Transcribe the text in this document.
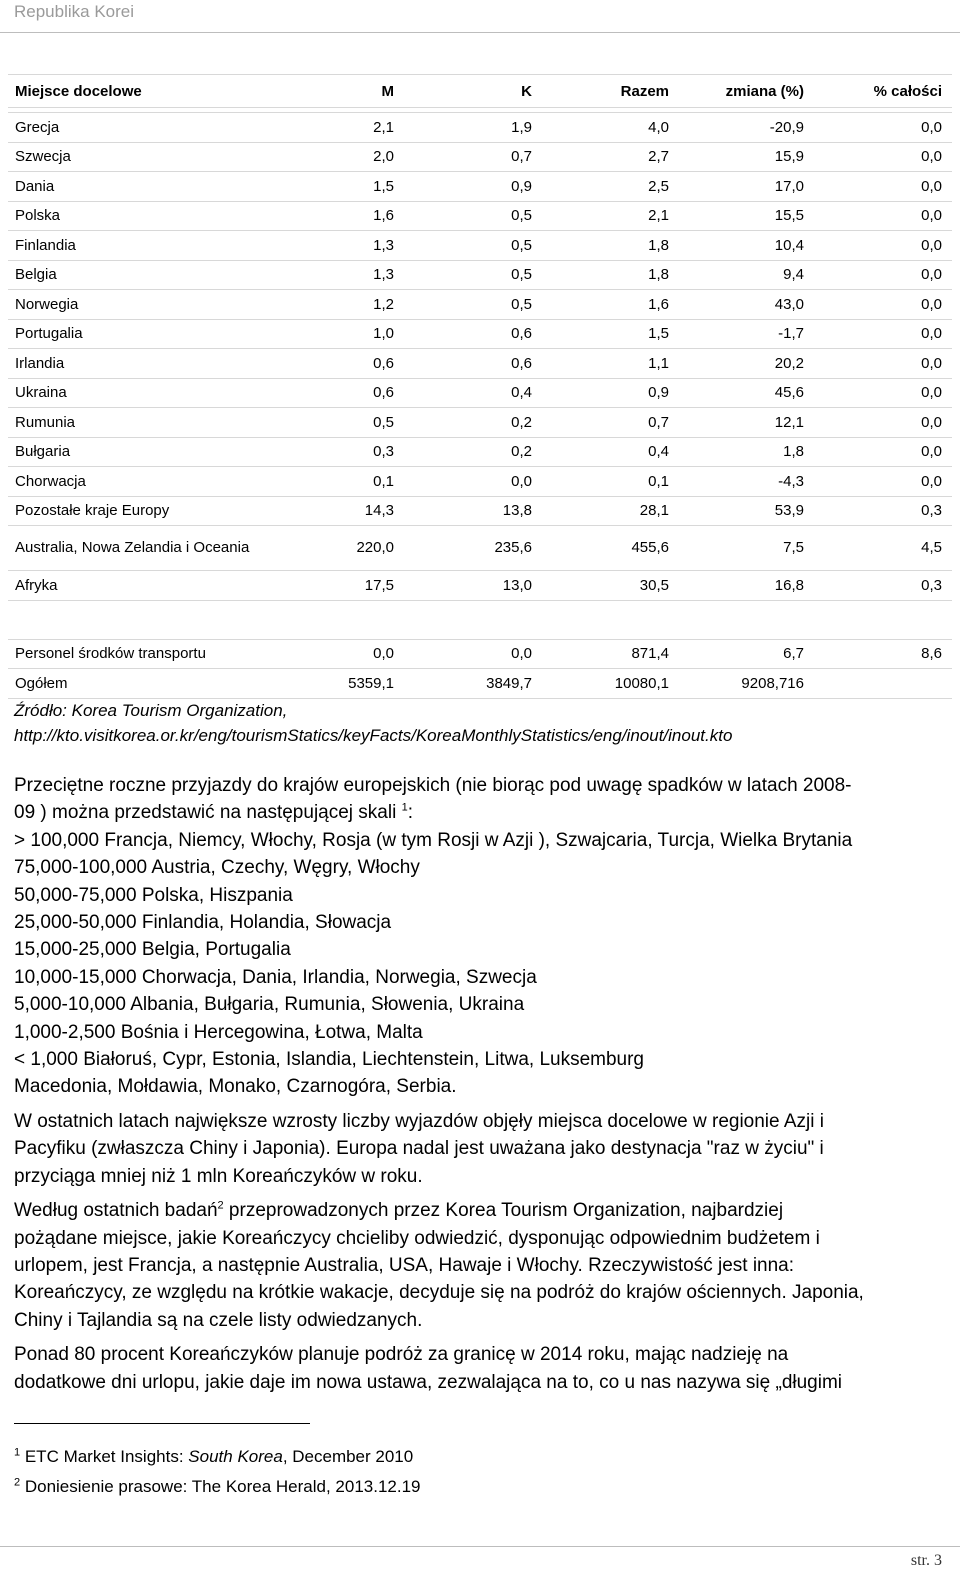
Republika Korei
Miejsce docelowe	M	K	Razem	zmiana (%)	% całości

Grecja	2,1	1,9	4,0	-20,9	0,0
Szwecja	2,0	0,7	2,7	15,9	0,0
Dania	1,5	0,9	2,5	17,0	0,0
Polska	1,6	0,5	2,1	15,5	0,0
Finlandia	1,3	0,5	1,8	10,4	0,0
Belgia	1,3	0,5	1,8	9,4	0,0
Norwegia	1,2	0,5	1,6	43,0	0,0
Portugalia	1,0	0,6	1,5	-1,7	0,0
Irlandia	0,6	0,6	1,1	20,2	0,0
Ukraina	0,6	0,4	0,9	45,6	0,0
Rumunia	0,5	0,2	0,7	12,1	0,0
Bułgaria	0,3	0,2	0,4	1,8	0,0
Chorwacja	0,1	0,0	0,1	-4,3	0,0
Pozostałe kraje Europy	14,3	13,8	28,1	53,9	0,3
Australia, Nowa Zelandia i Oceania	220,0	235,6	455,6	7,5	4,5
Afryka	17,5	13,0	30,5	16,8	0,3

Personel środków transportu	0,0	0,0	871,4	6,7	8,6
Ogółem	5359,1	3849,7	10080,1	9208,716	
Źródło: Korea Tourism Organization,
http://kto.visitkorea.or.kr/eng/tourismStatics/keyFacts/KoreaMonthlyStatistics/eng/inout/inout.kto

Przeciętne roczne przyjazdy do krajów europejskich (nie biorąc pod uwagę spadków w latach 2008-

09 ) można przedstawić na następującej skali $^1$:

> 100,000 Francja, Niemcy, Włochy, Rosja (w tym Rosji w Azji ), Szwajcaria, Turcja, Wielka Brytania

75,000-100,000 Austria, Czechy, Węgry, Włochy

50,000-75,000 Polska, Hiszpania

25,000-50,000 Finlandia, Holandia, Słowacja

15,000-25,000 Belgia, Portugalia

10,000-15,000 Chorwacja, Dania, Irlandia, Norwegia, Szwecja

5,000-10,000 Albania, Bułgaria, Rumunia, Słowenia, Ukraina

1,000-2,500 Bośnia i Hercegowina, Łotwa, Malta

< 1,000 Białoruś, Cypr, Estonia, Islandia, Liechtenstein, Litwa, Luksemburg

Macedonia, Mołdawia, Monako, Czarnogóra, Serbia.

W ostatnich latach największe wzrosty liczby wyjazdów objęły miejsca docelowe w regionie Azji i

Pacyfiku (zwłaszcza Chiny i Japonia). Europa nadal jest uważana jako destynacja "raz w życiu" i

przyciąga mniej niż 1 mln Koreańczyków w roku.

Według ostatnich badań$^2$ przeprowadzonych przez Korea Tourism Organization, najbardziej

pożądane miejsce, jakie Koreańczycy chcieliby odwiedzić, dysponując odpowiednim budżetem i

urlopem, jest Francja, a następnie Australia, USA, Hawaje i Włochy. Rzeczywistość jest inna:

Koreańczycy, ze względu na krótkie wakacje, decyduje się na podróż do krajów ościennych. Japonia,

Chiny i Tajlandia są na czele listy odwiedzanych.

Ponad 80 procent Koreańczyków planuje podróż za granicę w 2014 roku, mając nadzieję na

dodatkowe dni urlopu, jakie daje im nowa ustawa, zezwalająca na to, co u nas nazywa się „długimi

$^1$ ETC Market Insights: South Korea, December 2010
$^2$ Doniesienie prasowe: The Korea Herald, 2013.12.19
str. 3
